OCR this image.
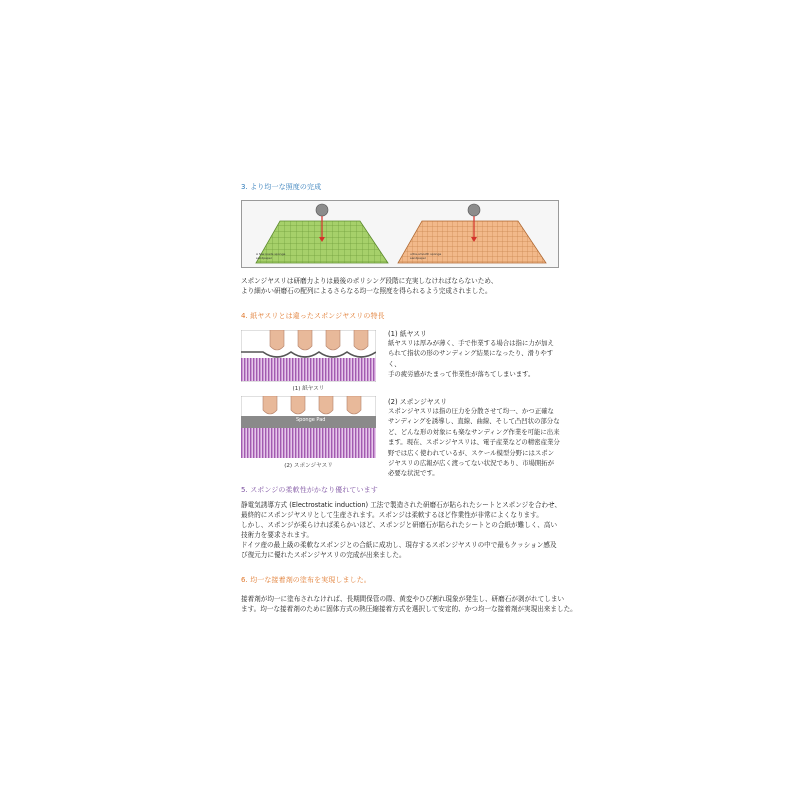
3. より均一な照度の完成
A few-loads sponge sandpaper
ultra-smooth sponge sandpaper
スポンジヤスリは研磨力よりは最後のポリシング段階に充実しなければならないため、
より細かい研磨石の配列によるさらなる均一な照度を得られるよう完成されました。
4. 紙ヤスリとは違ったスポンジヤスリの特長
(1) 紙ヤスリ
Sponge Pad
(2) スポンジヤスリ
(1) 紙ヤスリ
紙ヤスリは厚みが薄く、手で作業する場合は指に力が加え
られて指状の形のサンディング結果になったり、滑りやすく、
手の疲労感がたまって作業性が落ちてしまいます。
(2) スポンジヤスリ
スポンジヤスリは指の圧力を分散させて均一、かつ正確な
サンディングを誘導し、直線、曲線、そして凸凹状の部分な
ど、どんな形の対象にも楽なサンディング作業を可能に出来
ます。現在、スポンジヤスリは、電子産業などの精密産業分
野では広く使われているが、スケール模型分野にはスポン
ジヤスリの広報が広く渡ってない状況であり、市場開拓が
必要な状況です。
5. スポンジの柔軟性がかなり優れています
静電気誘導方式 (Electrostatic induction) 工法で製造された研磨石が貼られたシートとスポンジを合わせ、
最終的にスポンジヤスリとして生産されます。スポンジは柔軟するほど作業性が非常によくなります。
しかし、スポンジが柔らければ柔らかいほど、スポンジと研磨石が貼られたシートとの合紙が難しく、高い
技術力を要求されます。
ドイツ産の最上級の柔軟なスポンジとの合紙に成功し、現存するスポンジヤスリの中で最もクッション感及
び復元力に優れたスポンジヤスリの完成が出来ました。
6. 均一な接着剤の塗布を実現しました。
接着剤が均一に塗布されなければ、長期間保管の際、黄変やひび割れ現象が発生し、研磨石が剥がれてしまい
ます。均一な接着剤のために固体方式の熱圧縮接着方式を選択して安定的、かつ均一な接着剤が実現出来ました。
